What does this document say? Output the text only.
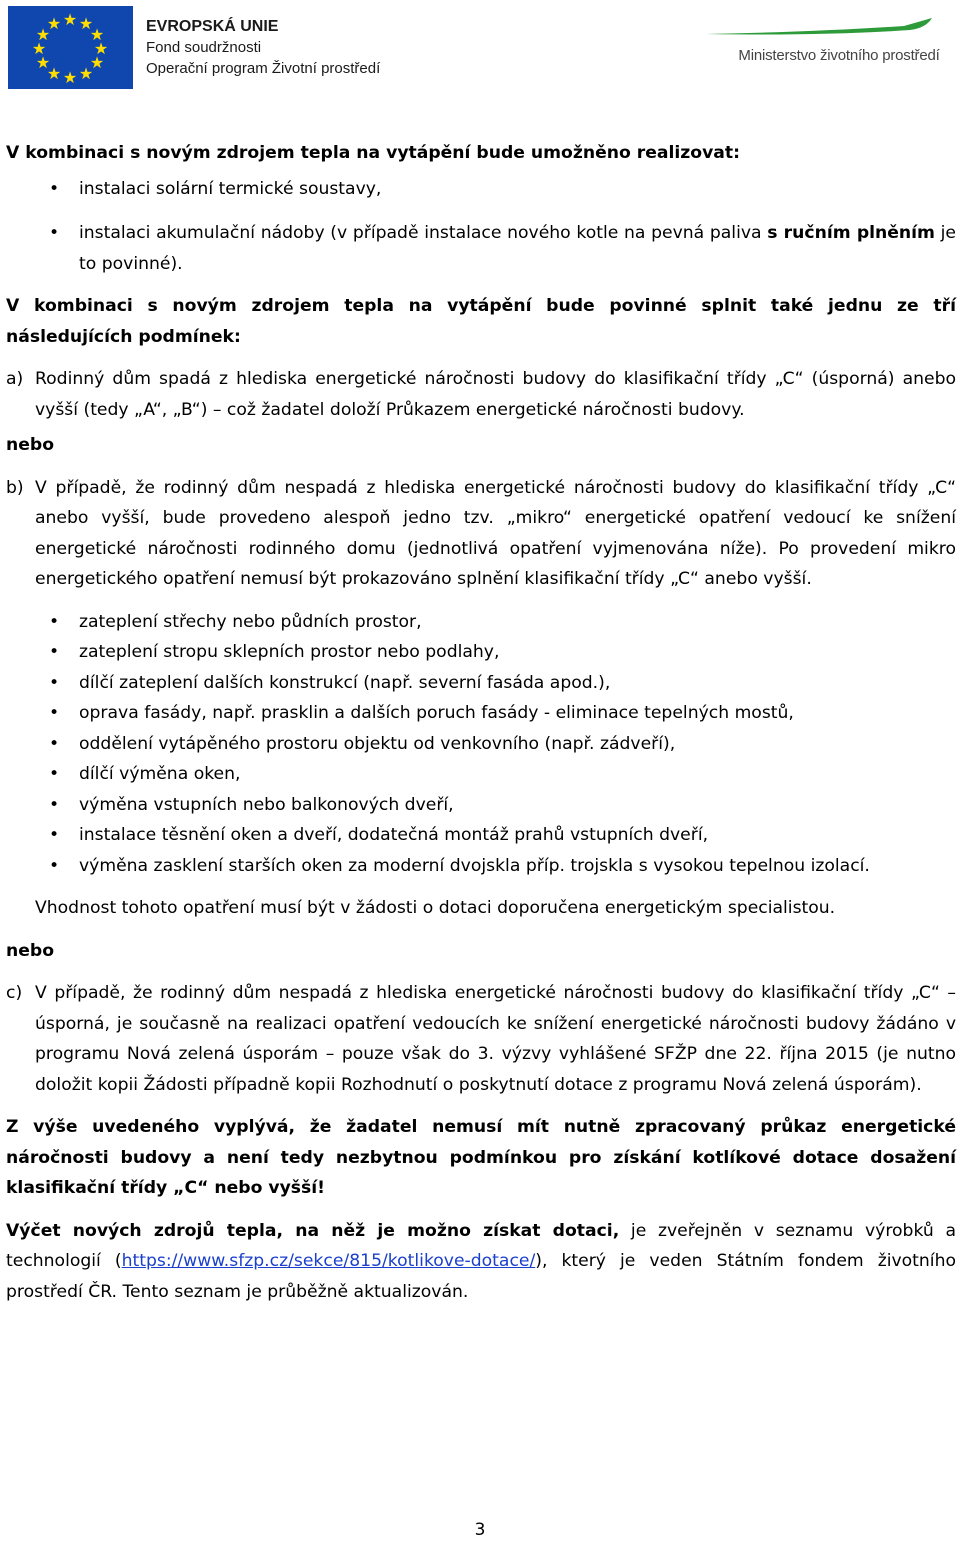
★ ★
★
★
★
★
★
★
★
★
★
★	EVROPSKÁ UNIE
Fond soudržnosti
Operační program Životní prostředí
Ministerstvo životního prostředí

V kombinaci s novým zdrojem tepla na vytápění bude umožněno realizovat:

• instalaci solární termické soustavy,
• instalaci akumulační nádoby (v případě instalace nového kotle na pevná paliva s ručním plněním je to povinné).

V kombinaci s novým zdrojem tepla na vytápění bude povinné splnit také jednu ze tří následujících podmínek:

a) Rodinný dům spadá z hlediska energetické náročnosti budovy do klasifikační třídy „C“ (úsporná) anebo vyšší (tedy „A“, „B“) – což žadatel doloží Průkazem energetické náročnosti budovy.

nebo

b) V případě, že rodinný dům nespadá z hlediska energetické náročnosti budovy do klasifikační třídy „C“ anebo vyšší, bude provedeno alespoň jedno tzv. „mikro“ energetické opatření vedoucí ke snížení energetické náročnosti rodinného domu (jednotlivá opatření vyjmenována níže). Po provedení mikro energetického opatření nemusí být prokazováno splnění klasifikační třídy „C“ anebo vyšší.
• zateplení střechy nebo půdních prostor,
• zateplení stropu sklepních prostor nebo podlahy,
• dílčí zateplení dalších konstrukcí (např. severní fasáda apod.),
• oprava fasády, např. prasklin a dalších poruch fasády - eliminace tepelných mostů,
• oddělení vytápěného prostoru objektu od venkovního (např. zádveří),
• dílčí výměna oken,
• výměna vstupních nebo balkonových dveří,
• instalace těsnění oken a dveří, dodatečná montáž prahů vstupních dveří,
• výměna zasklení starších oken za moderní dvojskla příp. trojskla s vysokou tepelnou izolací.

Vhodnost tohoto opatření musí být v žádosti o dotaci doporučena energetickým specialistou.

nebo

c) V případě, že rodinný dům nespadá z hlediska energetické náročnosti budovy do klasifikační třídy „C“ – úsporná, je současně na realizaci opatření vedoucích ke snížení energetické náročnosti budovy žádáno v programu Nová zelená úsporám – pouze však do 3. výzvy vyhlášené SFŽP dne 22. října 2015 (je nutno doložit kopii Žádosti případně kopii Rozhodnutí o poskytnutí dotace z programu Nová zelená úsporám).

Z výše uvedeného vyplývá, že žadatel nemusí mít nutně zpracovaný průkaz energetické náročnosti budovy a není tedy nezbytnou podmínkou pro získání kotlíkové dotace dosažení klasifikační třídy „C“ nebo vyšší!

Výčet nových zdrojů tepla, na něž je možno získat dotaci, je zveřejněn v seznamu výrobků a technologií (https://www.sfzp.cz/sekce/815/kotlikove-dotace/), který je veden Státním fondem životního prostředí ČR. Tento seznam je průběžně aktualizován.

3
